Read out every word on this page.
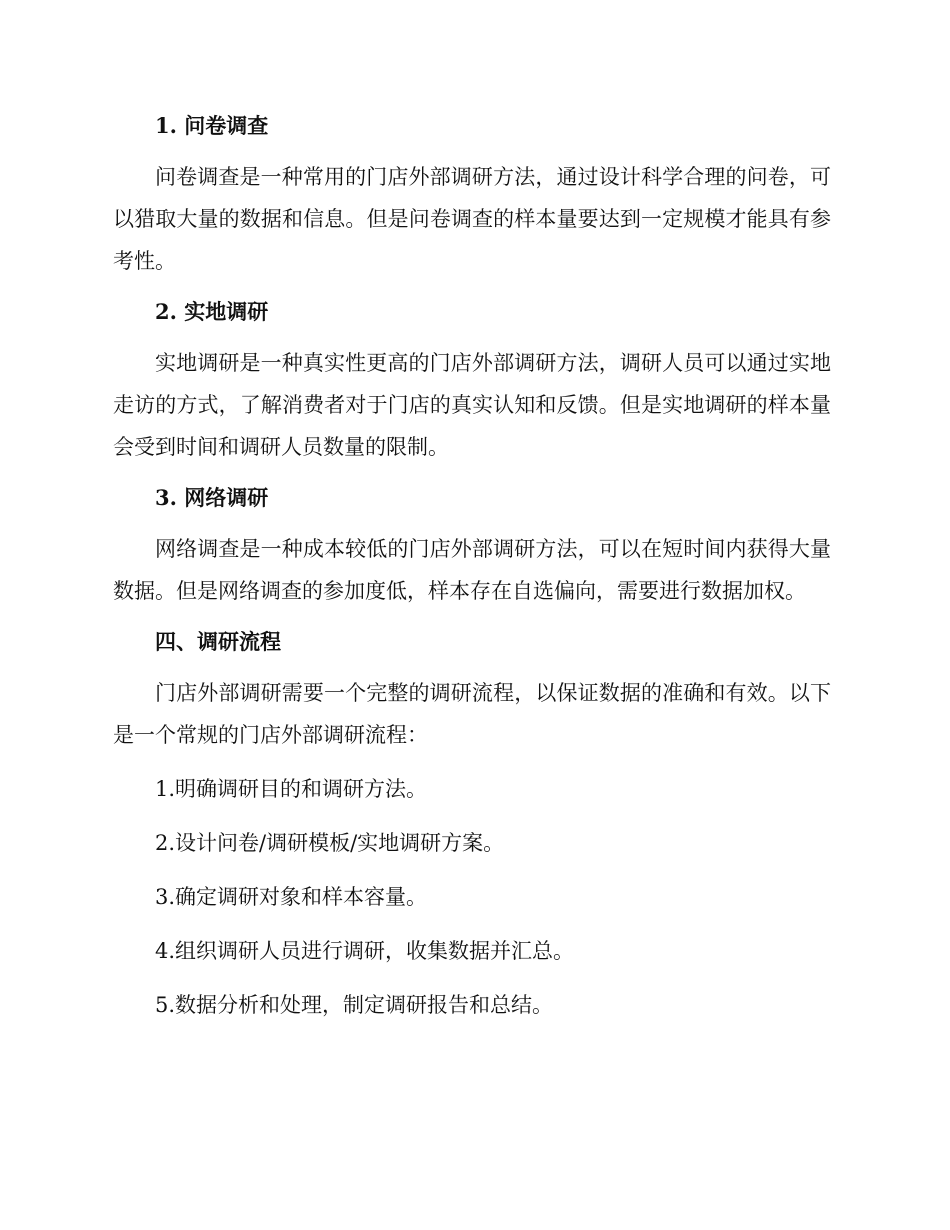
1. 问卷调查

问卷调查是一种常用的门店外部调研方法，通过设计科学合理的问卷，可以猎取大量的数据和信息。但是问卷调查的样本量要达到一定规模才能具有参考性。

2. 实地调研

实地调研是一种真实性更高的门店外部调研方法，调研人员可以通过实地走访的方式，了解消费者对于门店的真实认知和反馈。但是实地调研的样本量会受到时间和调研人员数量的限制。

3. 网络调研

网络调查是一种成本较低的门店外部调研方法，可以在短时间内获得大量数据。但是网络调查的参加度低，样本存在自选偏向，需要进行数据加权。

四、调研流程

门店外部调研需要一个完整的调研流程，以保证数据的准确和有效。以下是一个常规的门店外部调研流程：

1.明确调研目的和调研方法。
2.设计问卷/调研模板/实地调研方案。
3.确定调研对象和样本容量。
4.组织调研人员进行调研，收集数据并汇总。
5.数据分析和处理，制定调研报告和总结。
